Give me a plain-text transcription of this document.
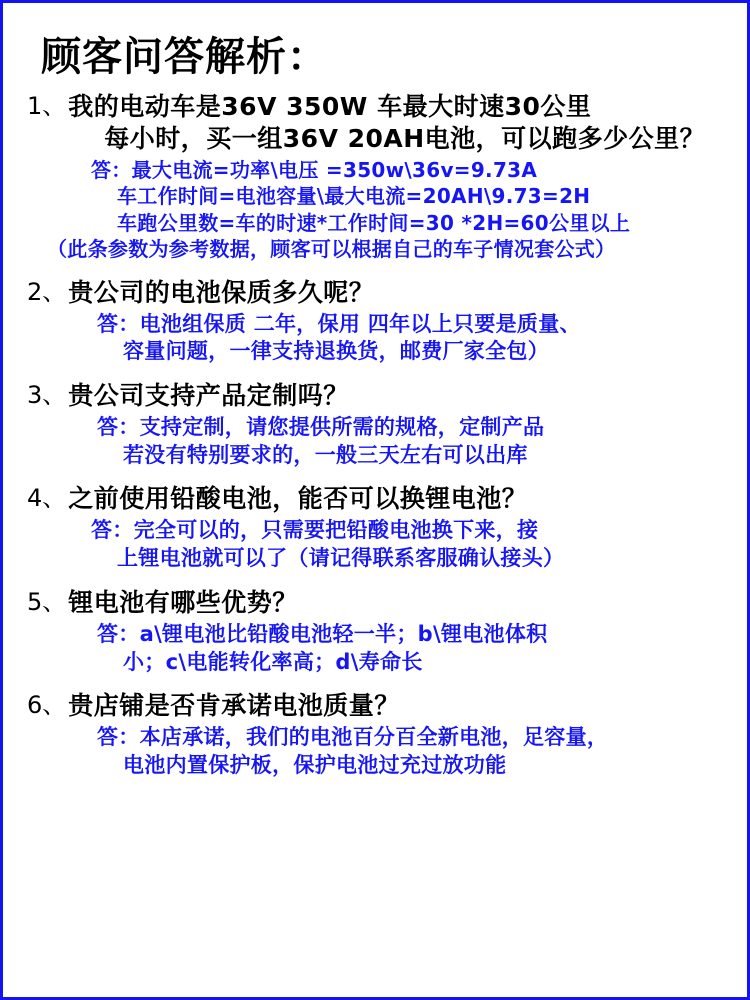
顾客问答解析：
1、 我的电动车是36V 350W 车最大时速30公里
每小时，买一组36V 20AH电池，可以跑多少公里？
答：最大电流=功率\电压 =350w\36v=9.73A
车工作时间=电池容量\最大电流=20AH\9.73=2H
车跑公里数=车的时速*工作时间=30 *2H=60公里以上
（此条参数为参考数据，顾客可以根据自己的车子情况套公式）
2、 贵公司的电池保质多久呢？
答：电池组保质 二年，保用 四年以上只要是质量、
容量问题，一律支持退换货，邮费厂家全包）
3、 贵公司支持产品定制吗？
答：支持定制，请您提供所需的规格，定制产品
若没有特别要求的，一般三天左右可以出库
4、 之前使用铅酸电池，能否可以换锂电池？
答：完全可以的，只需要把铅酸电池换下来，接
上锂电池就可以了（请记得联系客服确认接头）
5、 锂电池有哪些优势？
答：a\锂电池比铅酸电池轻一半；b\锂电池体积
小；c\电能转化率高；d\寿命长
6、 贵店铺是否肯承诺电池质量？
答：本店承诺，我们的电池百分百全新电池，足容量，
电池内置保护板，保护电池过充过放功能
